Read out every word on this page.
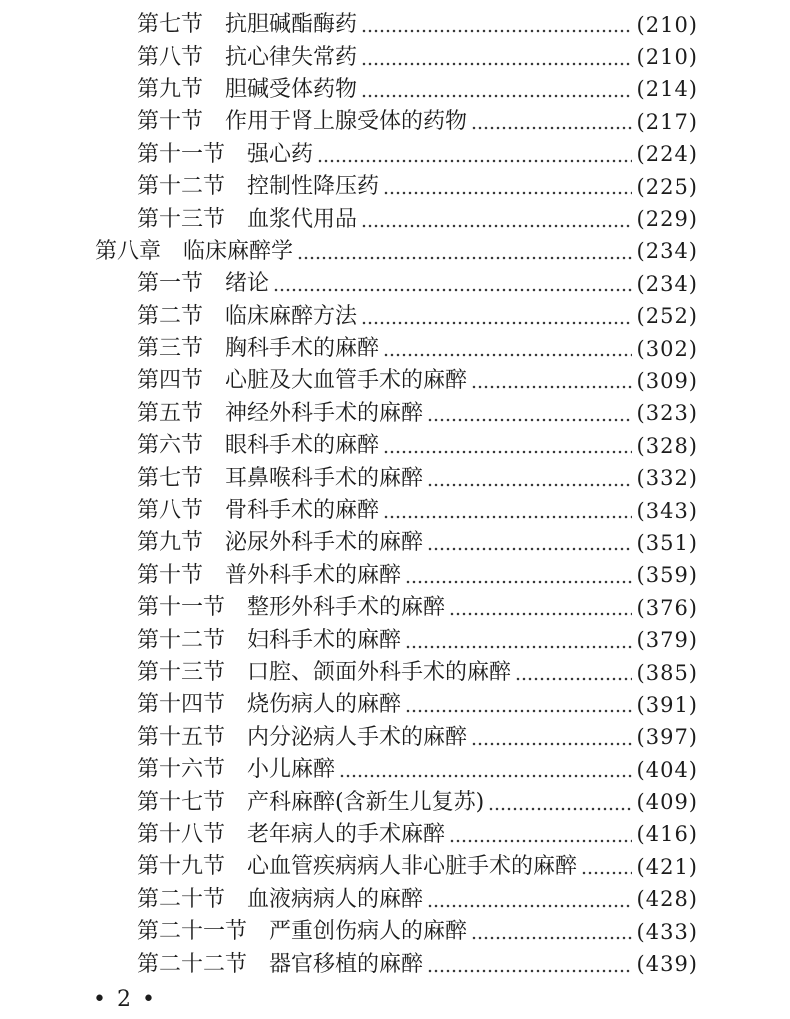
第七节 抗胆碱酯酶药	(210)
第八节 抗心律失常药	(210)
第九节 胆碱受体药物	(214)
第十节 作用于肾上腺受体的药物	(217)
第十一节 强心药	(224)
第十二节 控制性降压药	(225)
第十三节 血浆代用品	(229)
第八章 临床麻醉学	(234)
第一节 绪论	(234)
第二节 临床麻醉方法	(252)
第三节 胸科手术的麻醉	(302)
第四节 心脏及大血管手术的麻醉	(309)
第五节 神经外科手术的麻醉	(323)
第六节 眼科手术的麻醉	(328)
第七节 耳鼻喉科手术的麻醉	(332)
第八节 骨科手术的麻醉	(343)
第九节 泌尿外科手术的麻醉	(351)
第十节 普外科手术的麻醉	(359)
第十一节 整形外科手术的麻醉	(376)
第十二节 妇科手术的麻醉	(379)
第十三节 口腔、颌面外科手术的麻醉	(385)
第十四节 烧伤病人的麻醉	(391)
第十五节 内分泌病人手术的麻醉	(397)
第十六节 小儿麻醉	(404)
第十七节 产科麻醉(含新生儿复苏)	(409)
第十八节 老年病人的手术麻醉	(416)
第十九节 心血管疾病病人非心脏手术的麻醉	(421)
第二十节 血液病病人的麻醉	(428)
第二十一节 严重创伤病人的麻醉	(433)
第二十二节 器官移植的麻醉	(439)
• 2 •
